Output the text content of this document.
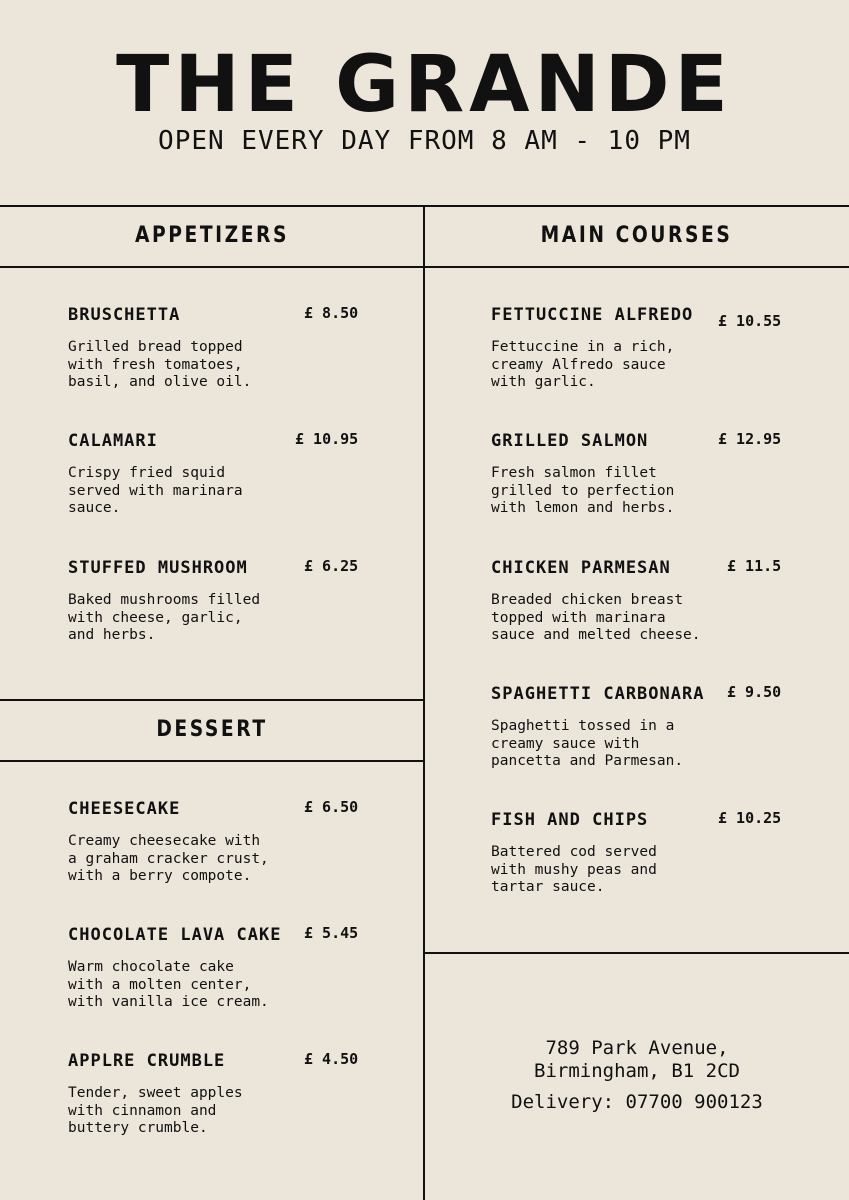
THE GRANDE
OPEN EVERY DAY FROM 8 AM - 10 PM
APPETIZERS	MAIN COURSES
DESSERT
BRUSCHETTA	£ 8.50
Grilled bread topped
with fresh tomatoes,
basil, and olive oil.
CALAMARI	£ 10.95
Crispy fried squid
served with marinara
sauce.
STUFFED MUSHROOM	£ 6.25
Baked mushrooms filled
with cheese, garlic,
and herbs.
CHEESECAKE	£ 6.50
Creamy cheesecake with
a graham cracker crust,
with a berry compote.
CHOCOLATE LAVA CAKE £ 5.45
Warm chocolate cake
with a molten center,
with vanilla ice cream.
APPLRE CRUMBLE	£ 4.50
Tender, sweet apples
with cinnamon and
buttery crumble.
FETTUCCINE ALFREDO £ 10.55
Fettuccine in a rich,
creamy Alfredo sauce
with garlic.
GRILLED SALMON	£ 12.95
Fresh salmon fillet
grilled to perfection
with lemon and herbs.
CHICKEN PARMESAN	£ 11.5
Breaded chicken breast
topped with marinara
sauce and melted cheese.
SPAGHETTI CARBONARA £ 9.50
Spaghetti tossed in a
creamy sauce with
pancetta and Parmesan.
FISH AND CHIPS	£ 10.25
Battered cod served
with mushy peas and
tartar sauce.
789 Park Avenue,
Birmingham, B1 2CD
Delivery: 07700 900123
